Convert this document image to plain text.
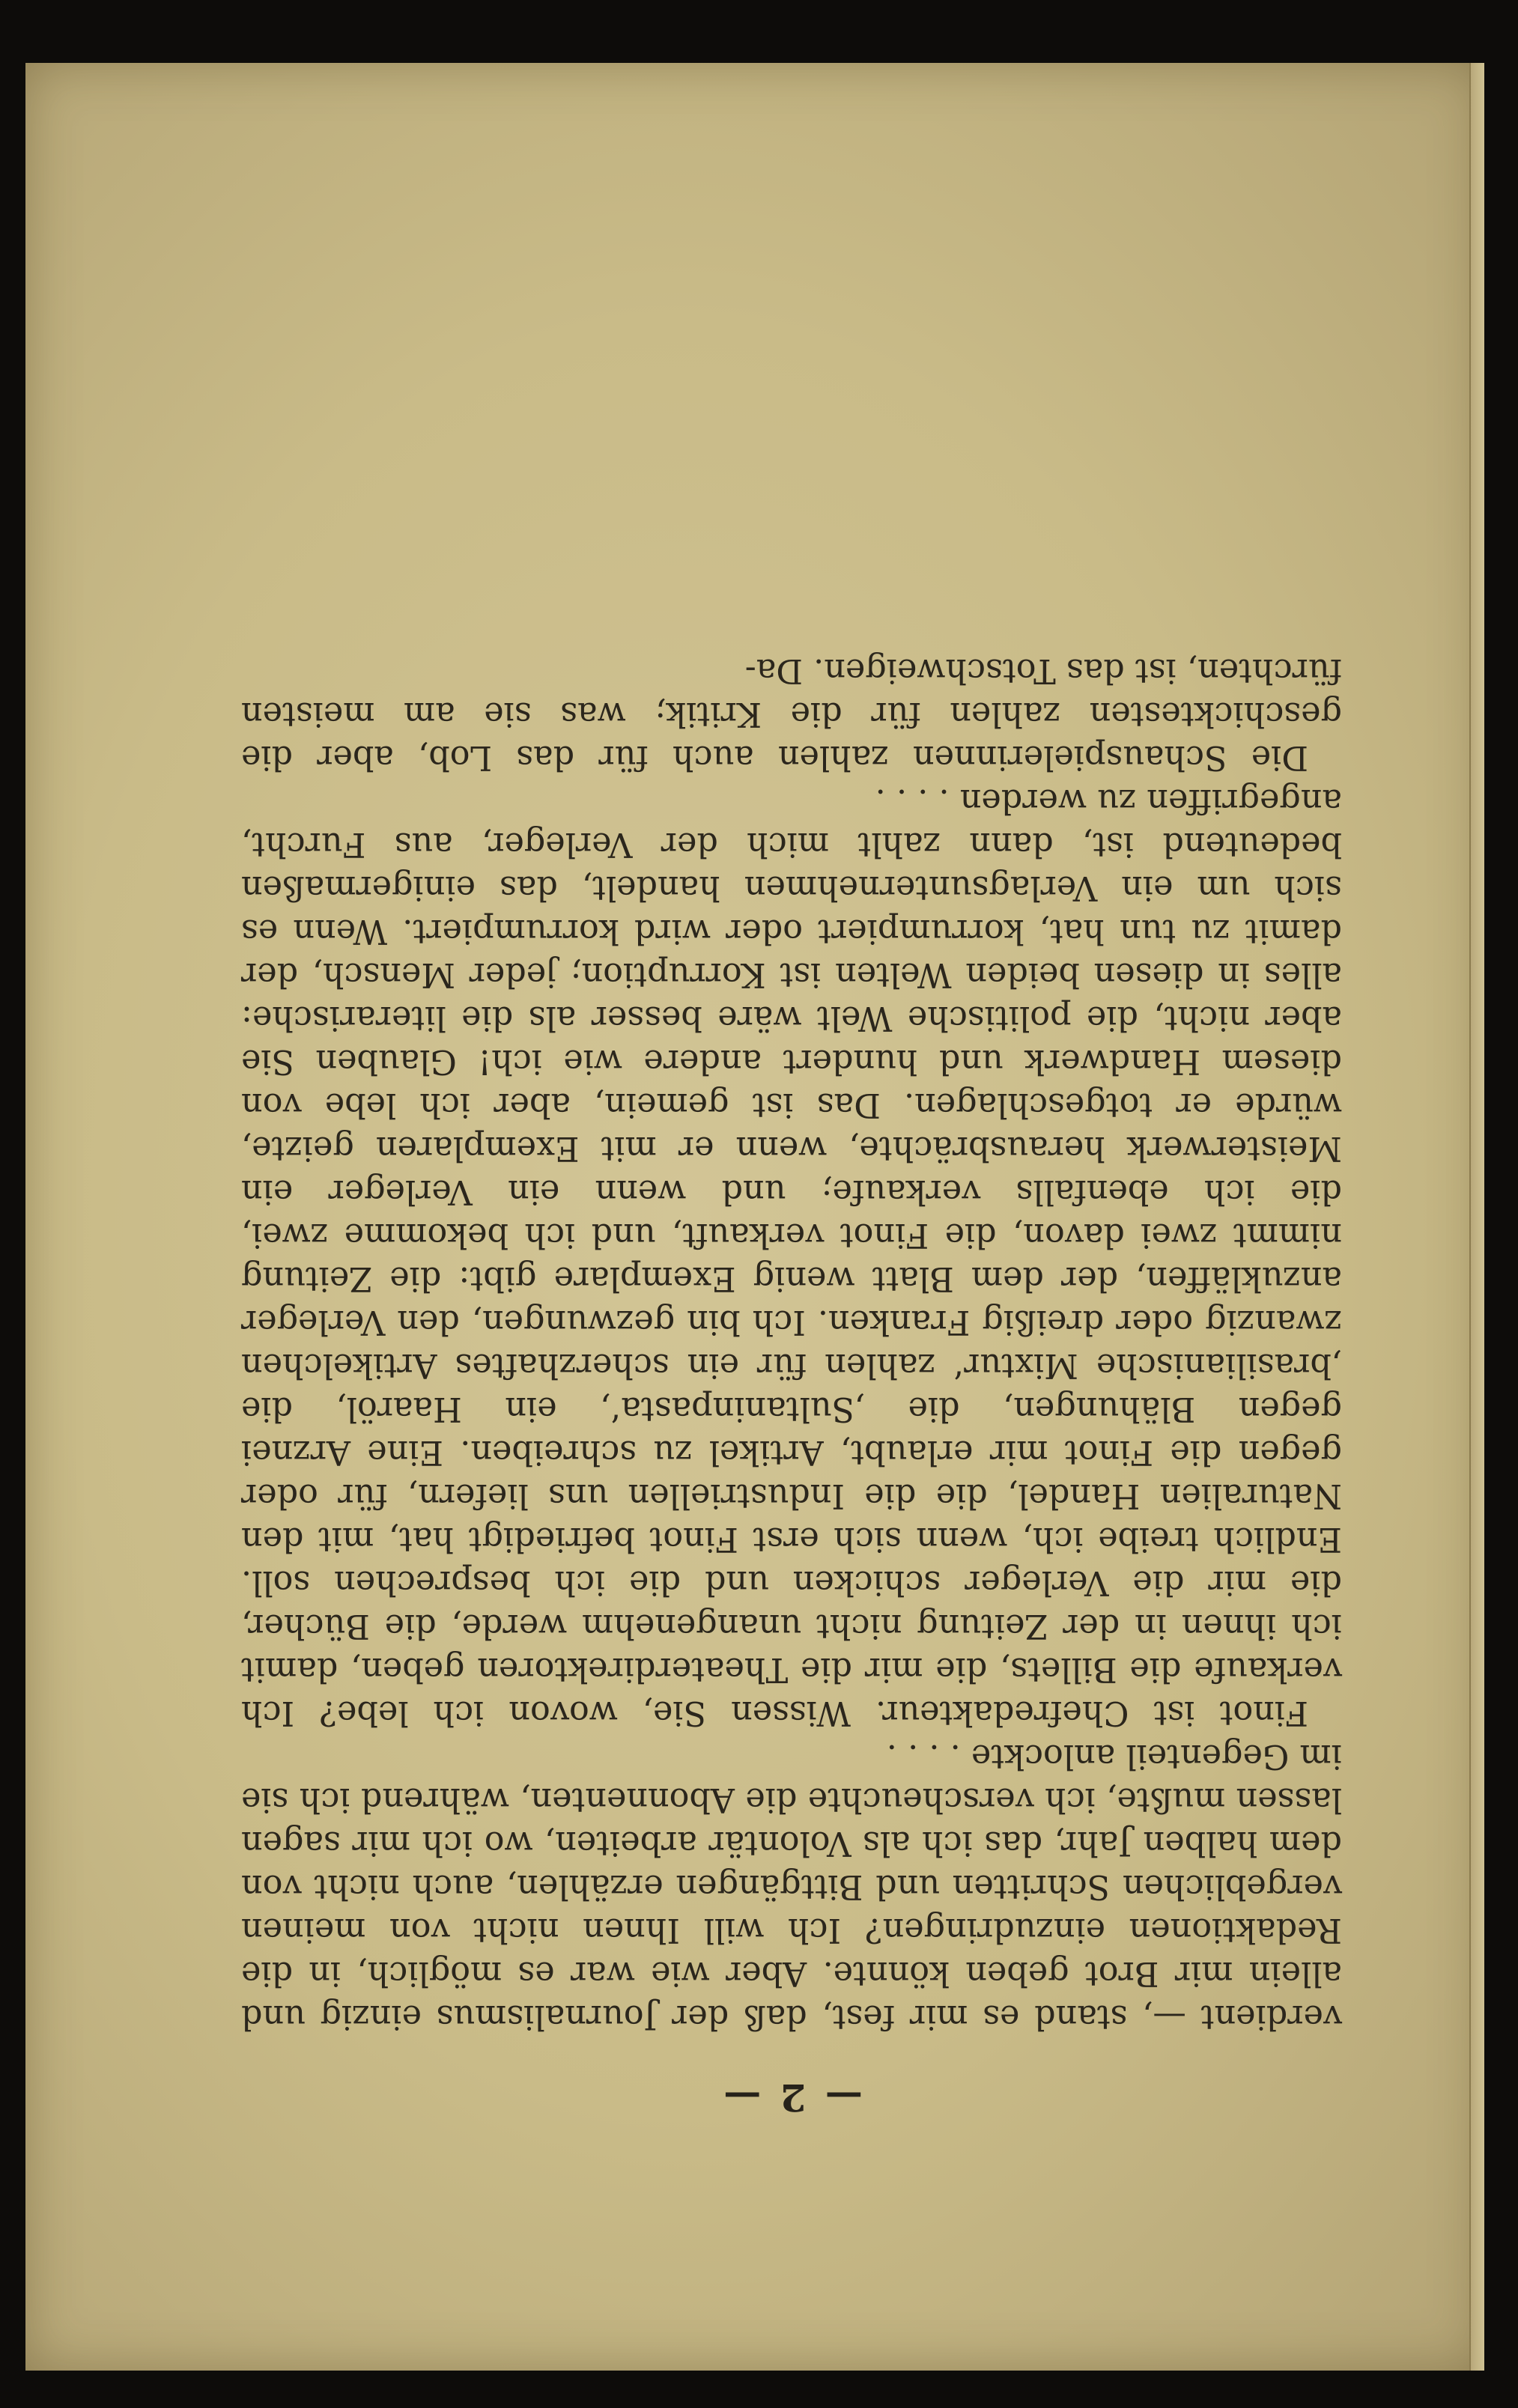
— 2 —

verdient —, stand es mir fest, daß der Journalismus einzig und allein mir Brot geben könnte. Aber wie war es möglich, in die Redaktionen einzudringen? Ich will Ihnen nicht von meinen vergeblichen Schritten und Bittgängen erzählen, auch nicht von dem halben Jahr, das ich als Volontär arbeiten, wo ich mir sagen lassen mußte, ich verscheuchte die Abonnenten, während ich sie im Gegenteil anlockte . . . .

Finot ist Chefredakteur. Wissen Sie, wovon ich lebe? Ich verkaufe die Billets, die mir die Theaterdirektoren geben, damit ich ihnen in der Zeitung nicht unangenehm werde, die Bücher, die mir die Verleger schicken und die ich besprechen soll. Endlich treibe ich, wenn sich erst Finot befriedigt hat, mit den Naturalien Handel, die die Industriellen uns liefern, für oder gegen die Finot mir erlaubt, Artikel zu schreiben. Eine Arznei gegen Blähungen, die ‚Sultaninpasta‘, ein Haaröl, die ‚brasilianische Mixtur‘ zahlen für ein scherzhaftes Artikelchen zwanzig oder dreißig Franken. Ich bin gezwungen, den Verleger anzukläffen, der dem Blatt wenig Exemplare gibt: die Zeitung nimmt zwei davon, die Finot verkauft, und ich bekomme zwei, die ich ebenfalls verkaufe; und wenn ein Verleger ein Meisterwerk herausbrächte, wenn er mit Exemplaren geizte, würde er totgeschlagen. Das ist gemein, aber ich lebe von diesem Handwerk und hundert andere wie ich! Glauben Sie aber nicht, die politische Welt wäre besser als die literarische: alles in diesen beiden Welten ist Korruption; jeder Mensch, der damit zu tun hat, korrumpiert oder wird korrumpiert. Wenn es sich um ein Verlagsunternehmen handelt, das einigermaßen bedeutend ist, dann zahlt mich der Verleger, aus Furcht, angegriffen zu werden . . . .

Die Schauspielerinnen zahlen auch für das Lob, aber die geschicktesten zahlen für die Kritik; was sie am meisten fürchten, ist das Totschweigen. Da-
